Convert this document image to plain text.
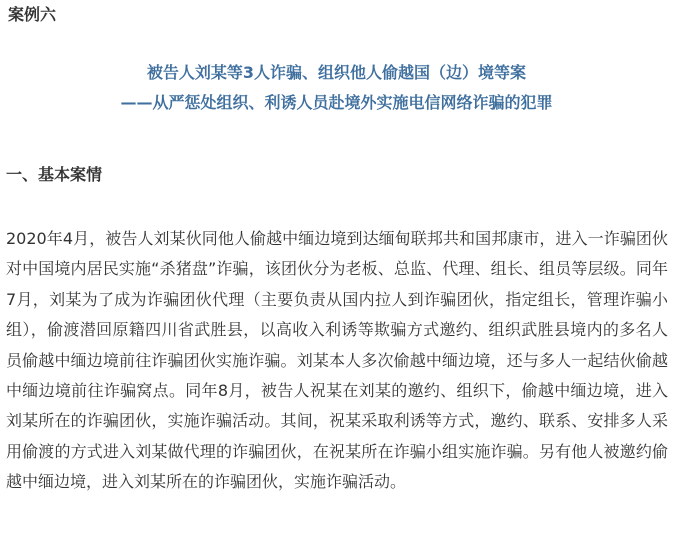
案例六

被告人刘某等3人诈骗、组织他人偷越国（边）境等案

——从严惩处组织、利诱人员赴境外实施电信网络诈骗的犯罪

一、基本案情

2020年4月，被告人刘某伙同他人偷越中缅边境到达缅甸联邦共和国邦康市，进入一诈骗团伙对中国境内居民实施“杀猪盘”诈骗，该团伙分为老板、总监、代理、组长、组员等层级。同年7月，刘某为了成为诈骗团伙代理（主要负责从国内拉人到诈骗团伙，指定组长，管理诈骗小组），偷渡潜回原籍四川省武胜县，以高收入利诱等欺骗方式邀约、组织武胜县境内的多名人员偷越中缅边境前往诈骗团伙实施诈骗。刘某本人多次偷越中缅边境，还与多人一起结伙偷越中缅边境前往诈骗窝点。同年8月，被告人祝某在刘某的邀约、组织下，偷越中缅边境，进入刘某所在的诈骗团伙，实施诈骗活动。其间，祝某采取利诱等方式，邀约、联系、安排多人采用偷渡的方式进入刘某做代理的诈骗团伙，在祝某所在诈骗小组实施诈骗。另有他人被邀约偷越中缅边境，进入刘某所在的诈骗团伙，实施诈骗活动。
